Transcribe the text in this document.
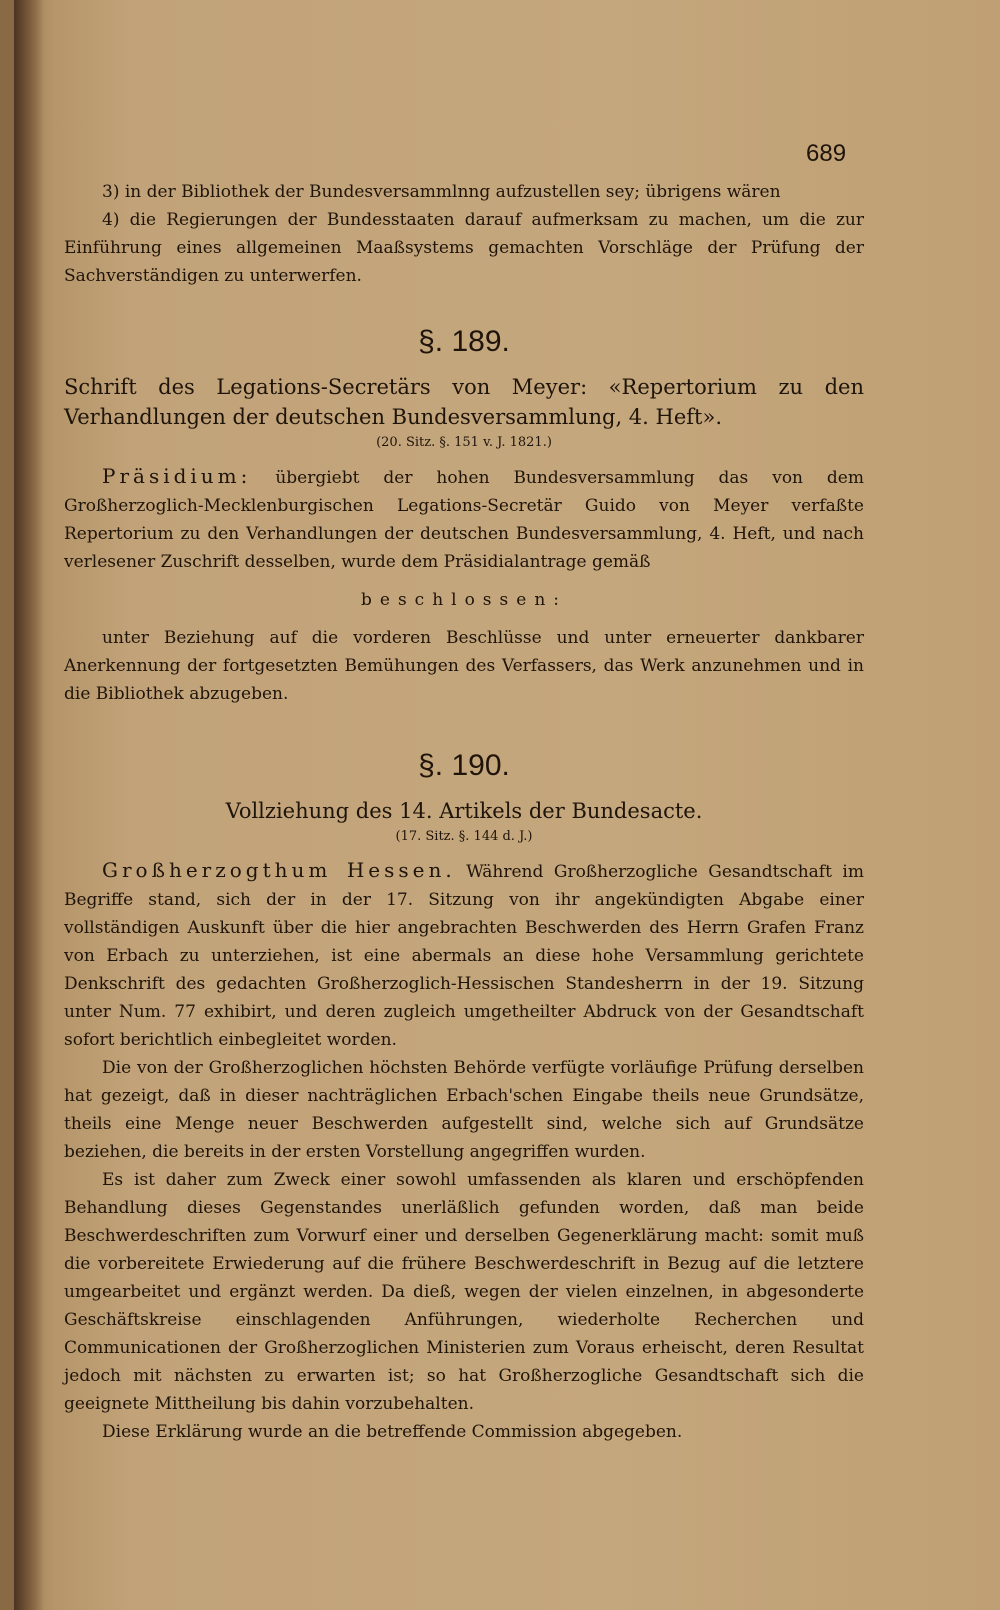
689

3) in der Bibliothek der Bundesversammlnng aufzustellen sey; übrigens wären

4) die Regierungen der Bundesstaaten darauf aufmerksam zu machen, um die zur Einführung eines allgemeinen Maaßsystems gemachten Vorschläge der Prüfung der Sachverständigen zu unterwerfen.

§. 189.

Schrift des Legations-Secretärs von Meyer: «Repertorium zu den Verhandlungen der deutschen Bundesversammlung, 4. Heft».

(20. Sitz. §. 151 v. J. 1821.)

Präsidium: übergiebt der hohen Bundesversammlung das von dem Großherzoglich-Mecklenburgischen Legations-Secretär Guido von Meyer verfaßte Repertorium zu den Verhandlungen der deutschen Bundesversammlung, 4. Heft, und nach verlesener Zuschrift desselben, wurde dem Präsidialantrage gemäß

beschlossen:

unter Beziehung auf die vorderen Beschlüsse und unter erneuerter dankbarer Anerkennung der fortgesetzten Bemühungen des Verfassers, das Werk anzunehmen und in die Bibliothek abzugeben.

§. 190.

Vollziehung des 14. Artikels der Bundesacte.

(17. Sitz. §. 144 d. J.)

Großherzogthum Hessen. Während Großherzogliche Gesandtschaft im Begriffe stand, sich der in der 17. Sitzung von ihr angekündigten Abgabe einer vollständigen Auskunft über die hier angebrachten Beschwerden des Herrn Grafen Franz von Erbach zu unterziehen, ist eine abermals an diese hohe Versammlung gerichtete Denkschrift des gedachten Großherzoglich-Hessischen Standesherrn in der 19. Sitzung unter Num. 77 exhibirt, und deren zugleich umgetheilter Abdruck von der Gesandtschaft sofort berichtlich einbegleitet worden.

Die von der Großherzoglichen höchsten Behörde verfügte vorläufige Prüfung derselben hat gezeigt, daß in dieser nachträglichen Erbach'schen Eingabe theils neue Grundsätze, theils eine Menge neuer Beschwerden aufgestellt sind, welche sich auf Grundsätze beziehen, die bereits in der ersten Vorstellung angegriffen wurden.

Es ist daher zum Zweck einer sowohl umfassenden als klaren und erschöpfenden Behandlung dieses Gegenstandes unerläßlich gefunden worden, daß man beide Beschwerdeschriften zum Vorwurf einer und derselben Gegenerklärung macht: somit muß die vorbereitete Erwiederung auf die frühere Beschwerdeschrift in Bezug auf die letztere umgearbeitet und ergänzt werden. Da dieß, wegen der vielen einzelnen, in abgesonderte Geschäftskreise einschlagenden Anführungen, wiederholte Recherchen und Communicationen der Großherzoglichen Ministerien zum Voraus erheischt, deren Resultat jedoch mit nächsten zu erwarten ist; so hat Großherzogliche Gesandtschaft sich die geeignete Mittheilung bis dahin vorzubehalten.

Diese Erklärung wurde an die betreffende Commission abgegeben.
